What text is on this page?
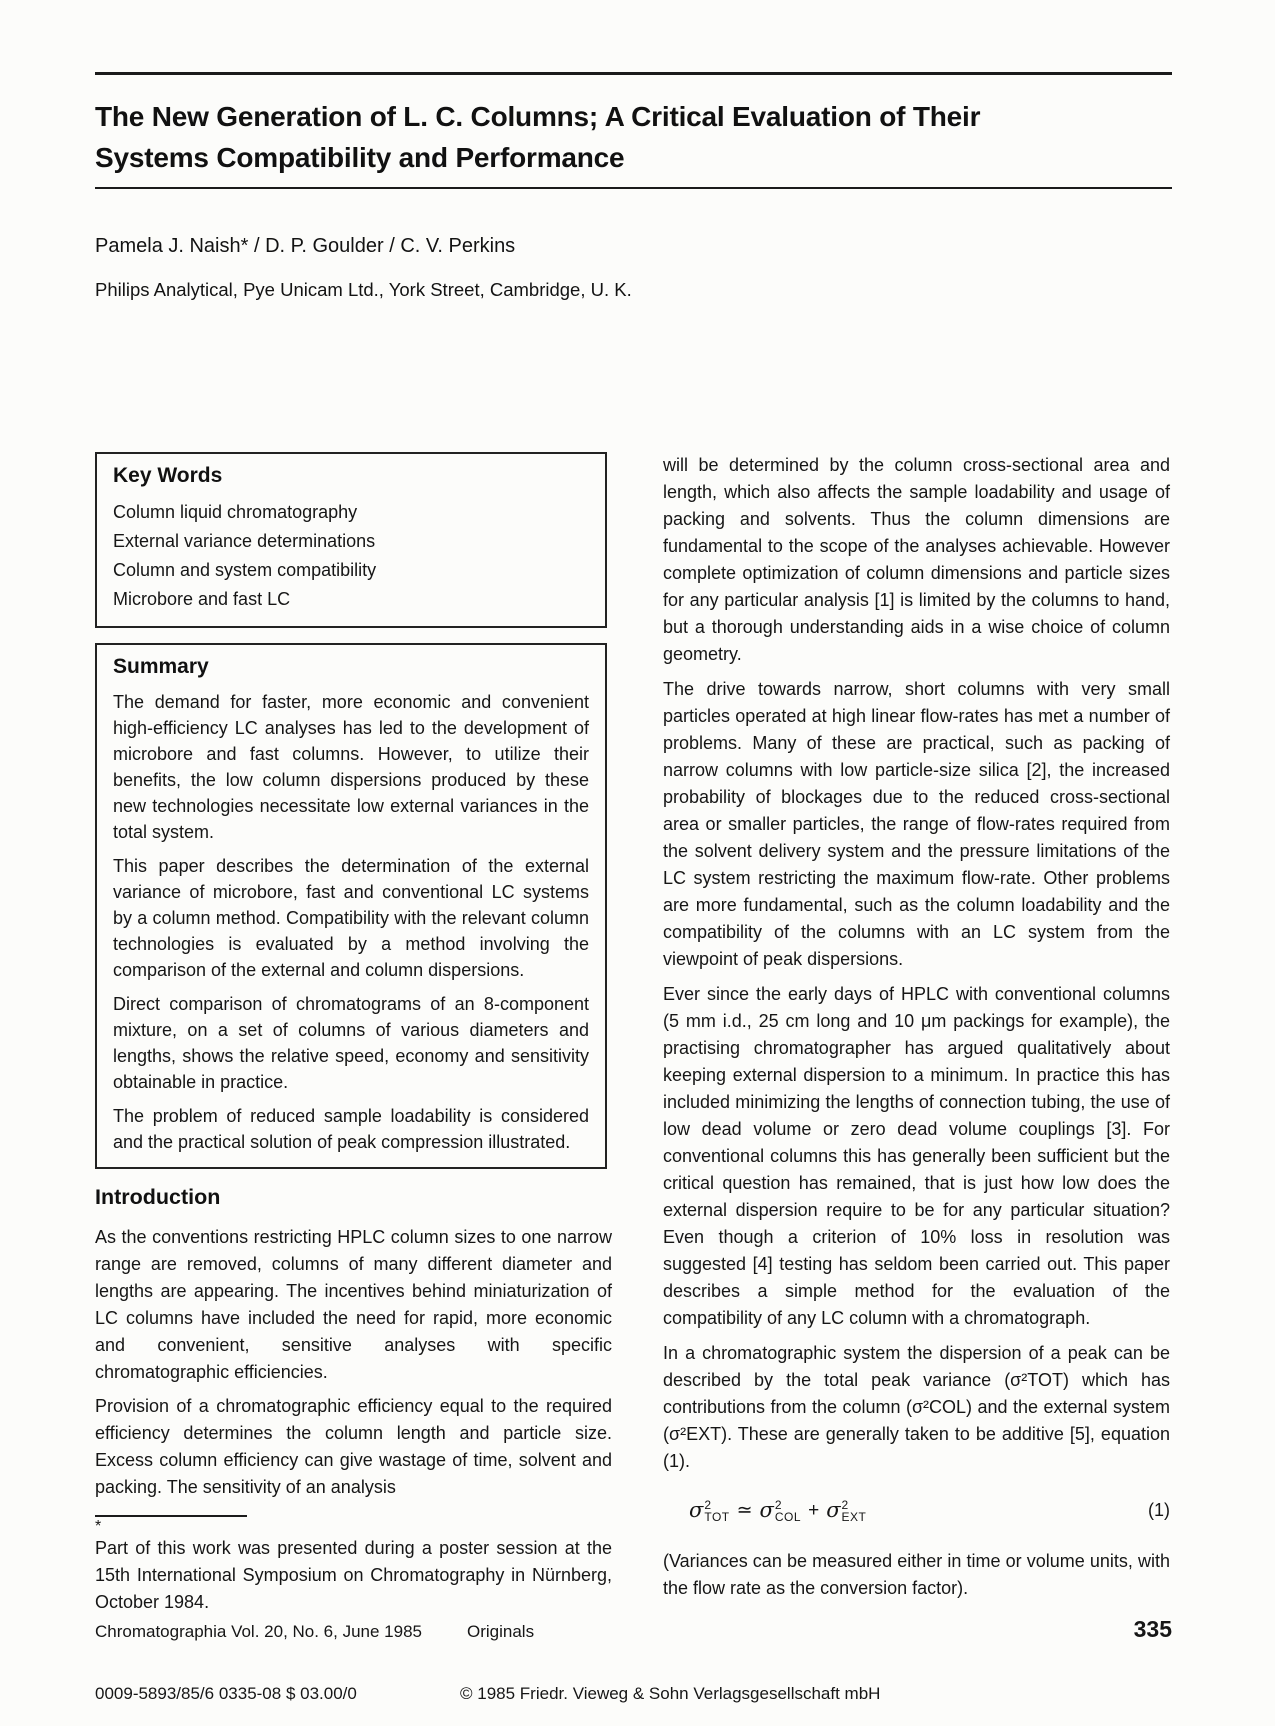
The New Generation of L. C. Columns; A Critical Evaluation of Their
Systems Compatibility and Performance
Pamela J. Naish* / D. P. Goulder / C. V. Perkins
Philips Analytical, Pye Unicam Ltd., York Street, Cambridge, U. K.
Key Words
Column liquid chromatography
External variance determinations
Column and system compatibility
Microbore and fast LC
Summary

The demand for faster, more economic and convenient high-efficiency LC analyses has led to the development of microbore and fast columns. However, to utilize their benefits, the low column dispersions produced by these new technologies necessitate low external variances in the total system.

This paper describes the determination of the external variance of microbore, fast and conventional LC systems by a column method. Compatibility with the relevant column technologies is evaluated by a method involving the comparison of the external and column dispersions.

Direct comparison of chromatograms of an 8-component mixture, on a set of columns of various diameters and lengths, shows the relative speed, economy and sensitivity obtainable in practice.

The problem of reduced sample loadability is considered and the practical solution of peak compression illustrated.

Introduction

As the conventions restricting HPLC column sizes to one narrow range are removed, columns of many different diameter and lengths are appearing. The incentives behind miniaturization of LC columns have included the need for rapid, more economic and convenient, sensitive analyses with specific chromatographic efficiencies.

Provision of a chromatographic efficiency equal to the required efficiency determines the column length and particle size. Excess column efficiency can give wastage of time, solvent and packing. The sensitivity of an analysis

*

Part of this work was presented during a poster session at the 15th International Symposium on Chromatography in Nürnberg, October 1984.

will be determined by the column cross-sectional area and length, which also affects the sample loadability and usage of packing and solvents. Thus the column dimensions are fundamental to the scope of the analyses achievable. However complete optimization of column dimensions and particle sizes for any particular analysis [1] is limited by the columns to hand, but a thorough understanding aids in a wise choice of column geometry.

The drive towards narrow, short columns with very small particles operated at high linear flow-rates has met a number of problems. Many of these are practical, such as packing of narrow columns with low particle-size silica [2], the increased probability of blockages due to the reduced cross-sectional area or smaller particles, the range of flow-rates required from the solvent delivery system and the pressure limitations of the LC system restricting the maximum flow-rate. Other problems are more fundamental, such as the column loadability and the compatibility of the columns with an LC system from the viewpoint of peak dispersions.

Ever since the early days of HPLC with conventional columns (5 mm i.d., 25 cm long and 10 μm packings for example), the practising chromatographer has argued qualitatively about keeping external dispersion to a minimum. In practice this has included minimizing the lengths of connection tubing, the use of low dead volume or zero dead volume couplings [3]. For conventional columns this has generally been sufficient but the critical question has remained, that is just how low does the external dispersion require to be for any particular situation? Even though a criterion of 10% loss in resolution was suggested [4] testing has seldom been carried out. This paper describes a simple method for the evaluation of the compatibility of any LC column with a chromatograph.

In a chromatographic system the dispersion of a peak can be described by the total peak variance (σ²TOT) which has contributions from the column (σ²COL) and the external system (σ²EXT). These are generally taken to be additive [5], equation (1).

σ 2
TOT ≃ σ 2
COL + σ 2
EXT	(1)

(Variances can be measured either in time or volume units, with the flow rate as the conversion factor).

Chromatographia Vol. 20, No. 6, June 1985	Originals	335
0009-5893/85/6 0335-08 $ 03.00/0	© 1985 Friedr. Vieweg & Sohn Verlagsgesellschaft mbH
